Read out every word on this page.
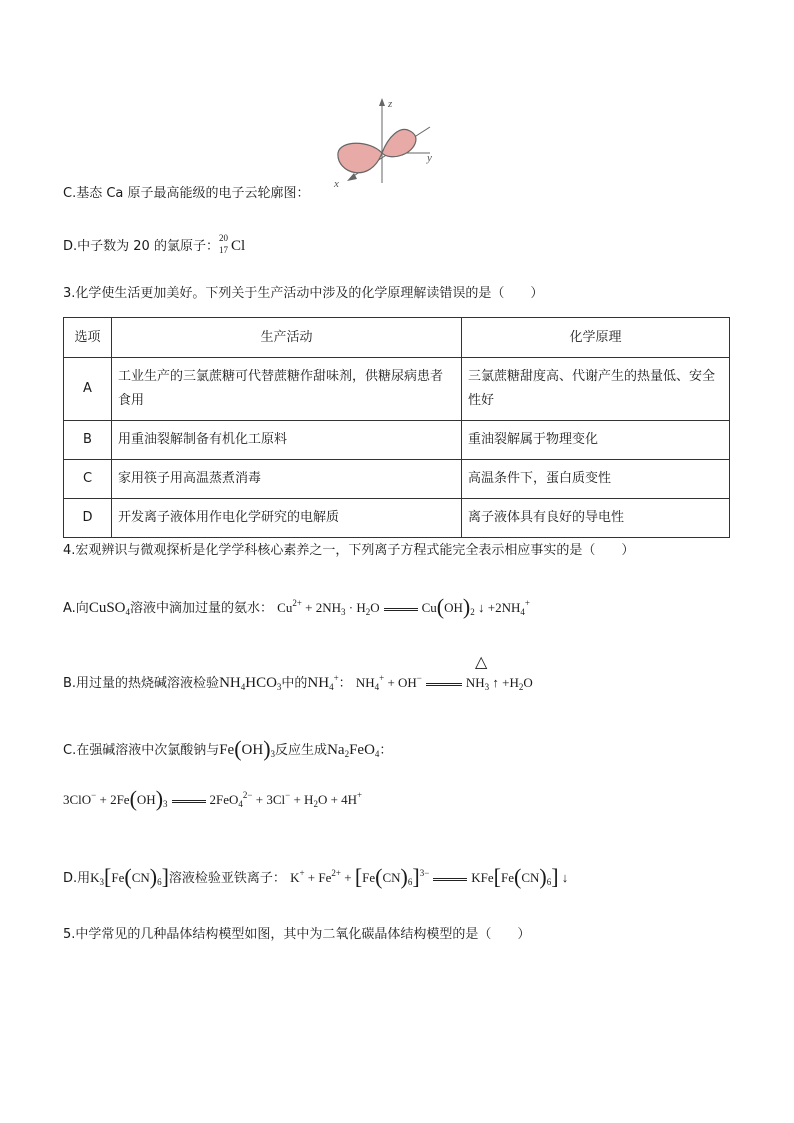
z
y
x
C.基态 Ca 原子最高能级的电子云轮廓图：
D.中子数为 20 的氯原子：
20
17 Cl
3.化学使生活更加美好。下列关于生产活动中涉及的化学原理解读错误的是（　　）
选项	生产活动	化学原理
A	工业生产的三氯蔗糖可代替蔗糖作甜味剂，供糖尿病患者食用	三氯蔗糖甜度高、代谢产生的热量低、安全性好
B	用重油裂解制备有机化工原料	重油裂解属于物理变化
C	家用筷子用高温蒸煮消毒	高温条件下，蛋白质变性
D	开发离子液体用作电化学研究的电解质	离子液体具有良好的导电性
4.宏观辨识与微观探析是化学学科核心素养之一，下列离子方程式能完全表示相应事实的是（　　）
A.向CuSO$_4$溶液中滴加过量的氨水： $Cu^{2+} + 2NH_3 \cdot H_2O$	$Cu(OH)_2$ ↓ $+2NH_4^+$
△
B.用过量的热烧碱溶液检验$NH_4HCO_3$中的$NH_4^+$： $NH_4^+ + OH^-$	$NH_3$ ↑ $+H_2O$
C.在强碱溶液中次氯酸钠与$Fe(OH)_3$反应生成$Na_2FeO_4$：
$3ClO^- + 2Fe(OH)_3$	$2FeO_4^{2-} + 3Cl^- + H_2O + 4H^+$
D.用$K_3[Fe(CN)_6]$溶液检验亚铁离子： $K^+ + Fe^{2+} + [Fe(CN)_6]^{3-}$	$KFe[Fe(CN)_6]$ ↓
5.中学常见的几种晶体结构模型如图，其中为二氧化碳晶体结构模型的是（　　）
